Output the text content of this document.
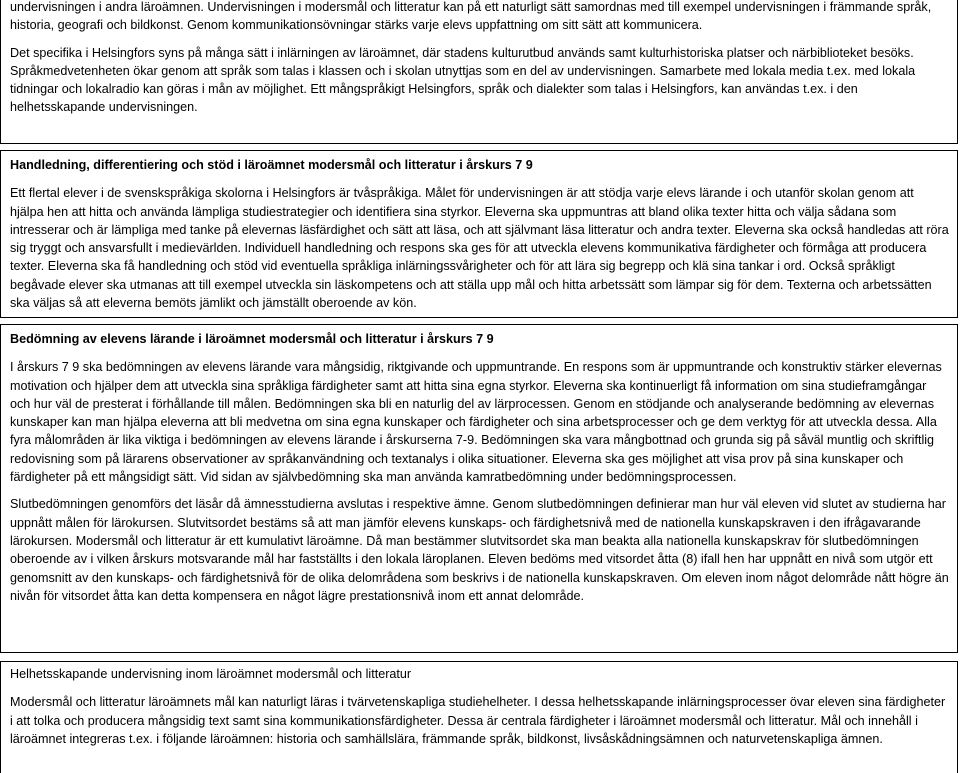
undervisningen i andra läroämnen. Undervisningen i modersmål och litteratur kan på ett naturligt sätt samordnas med till exempel undervisningen i främmande språk, historia, geografi och bildkonst. Genom kommunikationsövningar stärks varje elevs uppfattning om sitt sätt att kommunicera.

Det specifika i Helsingfors syns på många sätt i inlärningen av läroämnet, där stadens kulturutbud används samt kulturhistoriska platser och närbiblioteket besöks. Språkmedvetenheten ökar genom att språk som talas i klassen och i skolan utnyttjas som en del av undervisningen. Samarbete med lokala media t.ex. med lokala tidningar och lokalradio kan göras i mån av möjlighet. Ett mångspråkigt Helsingfors, språk och dialekter som talas i Helsingfors, kan användas t.ex. i den helhetsskapande undervisningen.

Handledning, differentiering och stöd i läroämnet modersmål och litteratur i årskurs 7 9

Ett flertal elever i de svenskspråkiga skolorna i Helsingfors är tvåspråkiga. Målet för undervisningen är att stödja varje elevs lärande i och utanför skolan genom att hjälpa hen att hitta och använda lämpliga studiestrategier och identifiera sina styrkor. Eleverna ska uppmuntras att bland olika texter hitta och välja sådana som intresserar och är lämpliga med tanke på elevernas läsfärdighet och sätt att läsa, och att självmant läsa litteratur och andra texter. Eleverna ska också handledas att röra sig tryggt och ansvarsfullt i medievärlden. Individuell handledning och respons ska ges för att utveckla elevens kommunikativa färdigheter och förmåga att producera texter. Eleverna ska få handledning och stöd vid eventuella språkliga inlärningssvårigheter och för att lära sig begrepp och klä sina tankar i ord. Också språkligt begåvade elever ska utmanas att till exempel utveckla sin läskompetens och att ställa upp mål och hitta arbetssätt som lämpar sig för dem. Texterna och arbetssätten ska väljas så att eleverna bemöts jämlikt och jämställt oberoende av kön.

Bedömning av elevens lärande i läroämnet modersmål och litteratur i årskurs 7 9

I årskurs 7 9 ska bedömningen av elevens lärande vara mångsidig, riktgivande och uppmuntrande. En respons som är uppmuntrande och konstruktiv stärker elevernas motivation och hjälper dem att utveckla sina språkliga färdigheter samt att hitta sina egna styrkor. Eleverna ska kontinuerligt få information om sina studieframgångar och hur väl de presterat i förhållande till målen. Bedömningen ska bli en naturlig del av lärprocessen. Genom en stödjande och analyserande bedömning av elevernas kunskaper kan man hjälpa eleverna att bli medvetna om sina egna kunskaper och färdigheter och sina arbetsprocesser och ge dem verktyg för att utveckla dessa. Alla fyra målområden är lika viktiga i bedömningen av elevens lärande i årskurserna 7-9. Bedömningen ska vara mångbottnad och grunda sig på såväl muntlig och skriftlig redovisning som på lärarens observationer av språkanvändning och textanalys i olika situationer. Eleverna ska ges möjlighet att visa prov på sina kunskaper och färdigheter på ett mångsidigt sätt. Vid sidan av självbedömning ska man använda kamratbedömning under bedömningsprocessen.

Slutbedömningen genomförs det läsår då ämnesstudierna avslutas i respektive ämne. Genom slutbedömningen definierar man hur väl eleven vid slutet av studierna har uppnått målen för lärokursen. Slutvitsordet bestäms så att man jämför elevens kunskaps- och färdighetsnivå med de nationella kunskapskraven i den ifrågavarande lärokursen. Modersmål och litteratur är ett kumulativt läroämne. Då man bestämmer slutvitsordet ska man beakta alla nationella kunskapskrav för slutbedömningen oberoende av i vilken årskurs motsvarande mål har fastställts i den lokala läroplanen. Eleven bedöms med vitsordet åtta (8) ifall hen har uppnått en nivå som utgör ett genomsnitt av den kunskaps- och färdighetsnivå för de olika delområdena som beskrivs i de nationella kunskapskraven. Om eleven inom något delområde nått högre än nivån för vitsordet åtta kan detta kompensera en något lägre prestationsnivå inom ett annat delområde.

Helhetsskapande undervisning inom läroämnet modersmål och litteratur

Modersmål och litteratur läroämnets mål kan naturligt läras i tvärvetenskapliga studiehelheter. I dessa helhetsskapande inlärningsprocesser övar eleven sina färdigheter i att tolka och producera mångsidig text samt sina kommunikationsfärdigheter. Dessa är centrala färdigheter i läroämnet modersmål och litteratur. Mål och innehåll i läroämnet integreras t.ex. i följande läroämnen: historia och samhällslära, främmande språk, bildkonst, livsåskådningsämnen och naturvetenskapliga ämnen.
